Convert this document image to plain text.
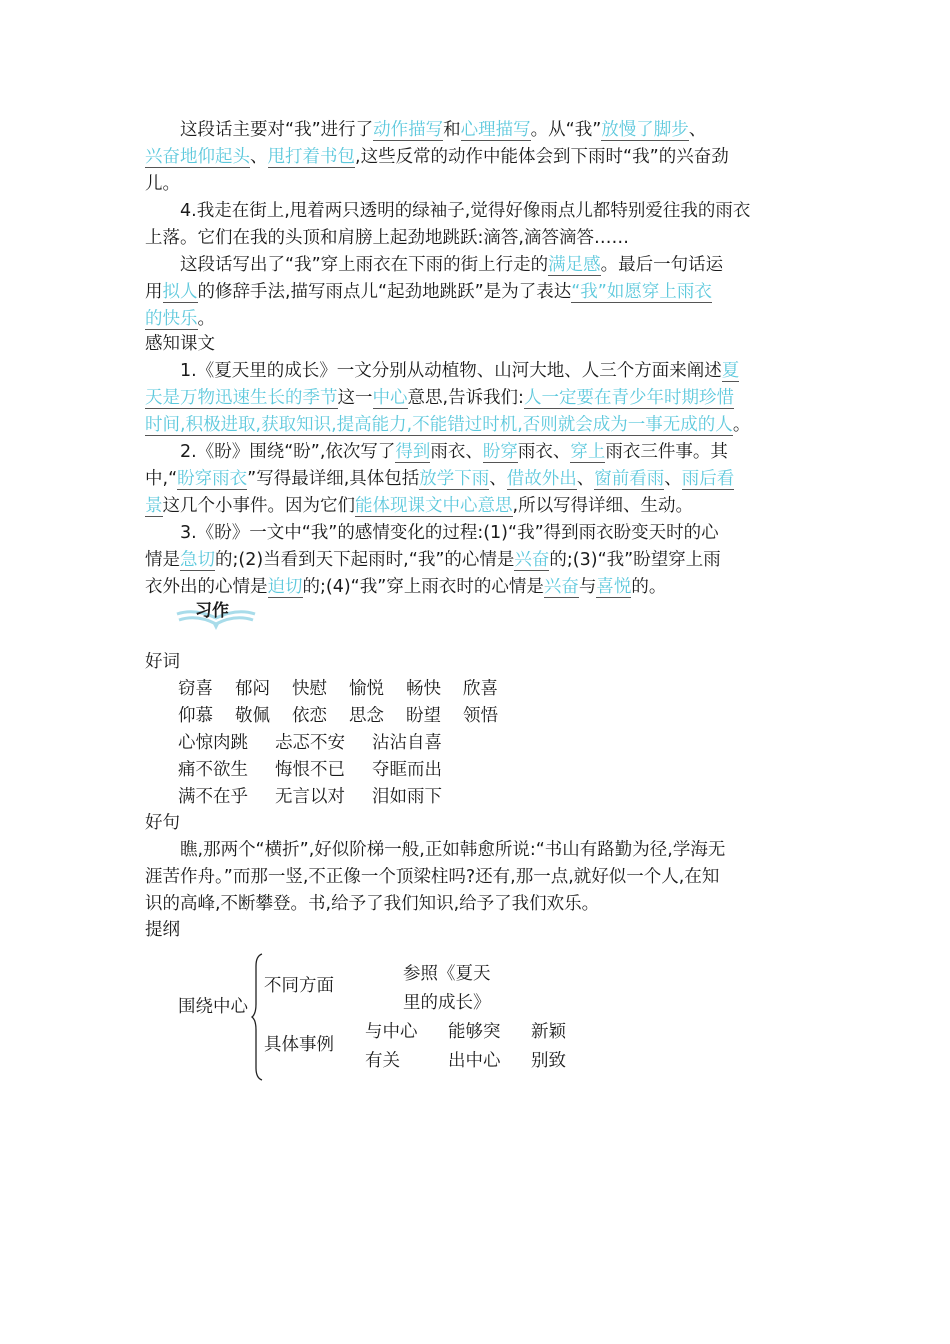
这段话主要对“我”进行了动作描写和心理描写。从“我”放慢了脚步、
兴奋地仰起头、甩打着书包,这些反常的动作中能体会到下雨时“我”的兴奋劲
儿。
4.我走在街上,甩着两只透明的绿袖子,觉得好像雨点儿都特别爱往我的雨衣
上落。它们在我的头顶和肩膀上起劲地跳跃:滴答,滴答滴答……
这段话写出了“我”穿上雨衣在下雨的街上行走的满足感。最后一句话运
用拟人的修辞手法,描写雨点儿“起劲地跳跃”是为了表达“我”如愿穿上雨衣
的快乐。
感知课文
1.《夏天里的成长》一文分别从动植物、山河大地、人三个方面来阐述夏
天是万物迅速生长的季节这一中心意思,告诉我们:人一定要在青少年时期珍惜
时间,积极进取,获取知识,提高能力,不能错过时机,否则就会成为一事无成的人。
2.《盼》围绕“盼”,依次写了得到雨衣、盼穿雨衣、穿上雨衣三件事。其
中,“盼穿雨衣”写得最详细,具体包括放学下雨、借故外出、窗前看雨、雨后看
景这几个小事件。因为它们能体现课文中心意思,所以写得详细、生动。
3.《盼》一文中“我”的感情变化的过程:(1)“我”得到雨衣盼变天时的心
情是急切的;(2)当看到天下起雨时,“我”的心情是兴奋的;(3)“我”盼望穿上雨
衣外出的心情是迫切的;(4)“我”穿上雨衣时的心情是兴奋与喜悦的。
习作
好词
窃喜 郁闷 快慰 愉悦 畅快 欣喜
仰慕 敬佩 依恋 思念 盼望 领悟
心惊肉跳 忐忑不安 沾沾自喜
痛不欲生 悔恨不已 夺眶而出
满不在乎 无言以对 泪如雨下
好句
瞧,那两个“横折”,好似阶梯一般,正如韩愈所说:“书山有路勤为径,学海无
涯苦作舟。”而那一竖,不正像一个顶梁柱吗?还有,那一点,就好似一个人,在知
识的高峰,不断攀登。书,给予了我们知识,给予了我们欢乐。
提纲
围绕中心
不同方面
参照《夏天
里的成长》
具体事例
与中心
有关
能够突
出中心
新颖
别致
